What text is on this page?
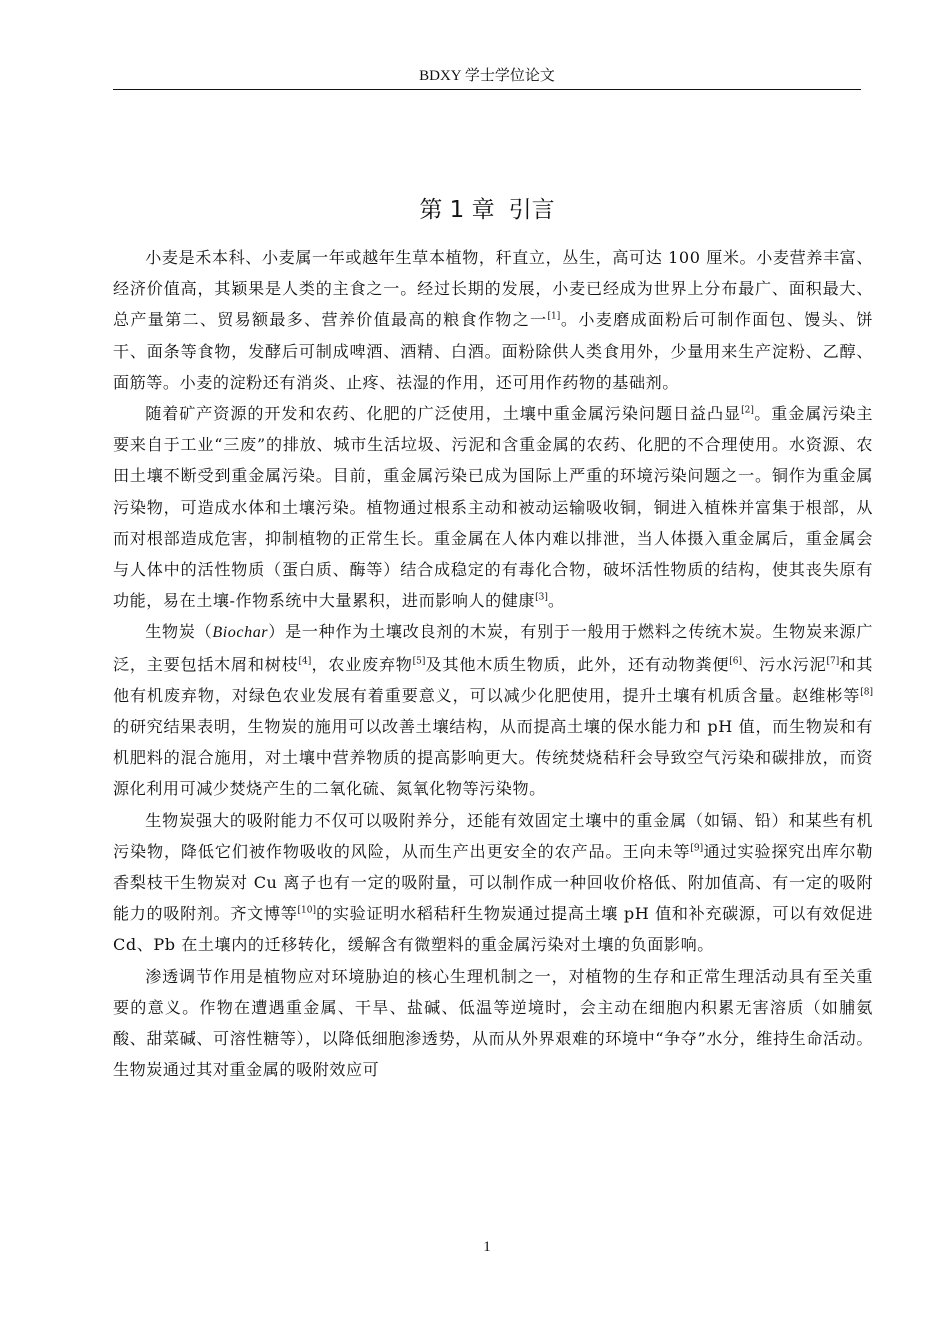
BDXY 学士学位论文
第 1 章 引言

小麦是禾本科、小麦属一年或越年生草本植物，秆直立，丛生，高可达 100 厘米。小麦营养丰富、经济价值高，其颖果是人类的主食之一。经过长期的发展，小麦已经成为世界上分布最广、面积最大、总产量第二、贸易额最多、营养价值最高的粮食作物之一[1]。小麦磨成面粉后可制作面包、馒头、饼干、面条等食物，发酵后可制成啤酒、酒精、白酒。面粉除供人类食用外，少量用来生产淀粉、乙醇、面筋等。小麦的淀粉还有消炎、止疼、祛湿的作用，还可用作药物的基础剂。

随着矿产资源的开发和农药、化肥的广泛使用，土壤中重金属污染问题日益凸显[2]。重金属污染主要来自于工业“三废”的排放、城市生活垃圾、污泥和含重金属的农药、化肥的不合理使用。水资源、农田土壤不断受到重金属污染。目前，重金属污染已成为国际上严重的环境污染问题之一。铜作为重金属污染物，可造成水体和土壤污染。植物通过根系主动和被动运输吸收铜，铜进入植株并富集于根部，从而对根部造成危害，抑制植物的正常生长。重金属在人体内难以排泄，当人体摄入重金属后，重金属会与人体中的活性物质（蛋白质、酶等）结合成稳定的有毒化合物，破坏活性物质的结构，使其丧失原有功能，易在土壤-作物系统中大量累积，进而影响人的健康[3]。

生物炭（Biochar）是一种作为土壤改良剂的木炭，有别于一般用于燃料之传统木炭。生物炭来源广泛，主要包括木屑和树枝[4]，农业废弃物[5]及其他木质生物质，此外，还有动物粪便[6]、污水污泥[7]和其他有机废弃物，对绿色农业发展有着重要意义，可以减少化肥使用，提升土壤有机质含量。赵维彬等[8]的研究结果表明，生物炭的施用可以改善土壤结构，从而提高土壤的保水能力和 pH 值，而生物炭和有机肥料的混合施用，对土壤中营养物质的提高影响更大。传统焚烧秸秆会导致空气污染和碳排放，而资源化利用可减少焚烧产生的二氧化硫、氮氧化物等污染物。

生物炭强大的吸附能力不仅可以吸附养分，还能有效固定土壤中的重金属（如镉、铅）和某些有机污染物，降低它们被作物吸收的风险，从而生产出更安全的农产品。王向未等[9]通过实验探究出库尔勒香梨枝干生物炭对 Cu 离子也有一定的吸附量，可以制作成一种回收价格低、附加值高、有一定的吸附能力的吸附剂。齐文博等[10]的实验证明水稻秸秆生物炭通过提高土壤 pH 值和补充碳源，可以有效促进 Cd、Pb 在土壤内的迁移转化，缓解含有微塑料的重金属污染对土壤的负面影响。

渗透调节作用是植物应对环境胁迫的核心生理机制之一，对植物的生存和正常生理活动具有至关重要的意义。作物在遭遇重金属、干旱、盐碱、低温等逆境时，会主动在细胞内积累无害溶质（如脯氨酸、甜菜碱、可溶性糖等），以降低细胞渗透势，从而从外界艰难的环境中“争夺”水分，维持生命活动。生物炭通过其对重金属的吸附效应可

1
